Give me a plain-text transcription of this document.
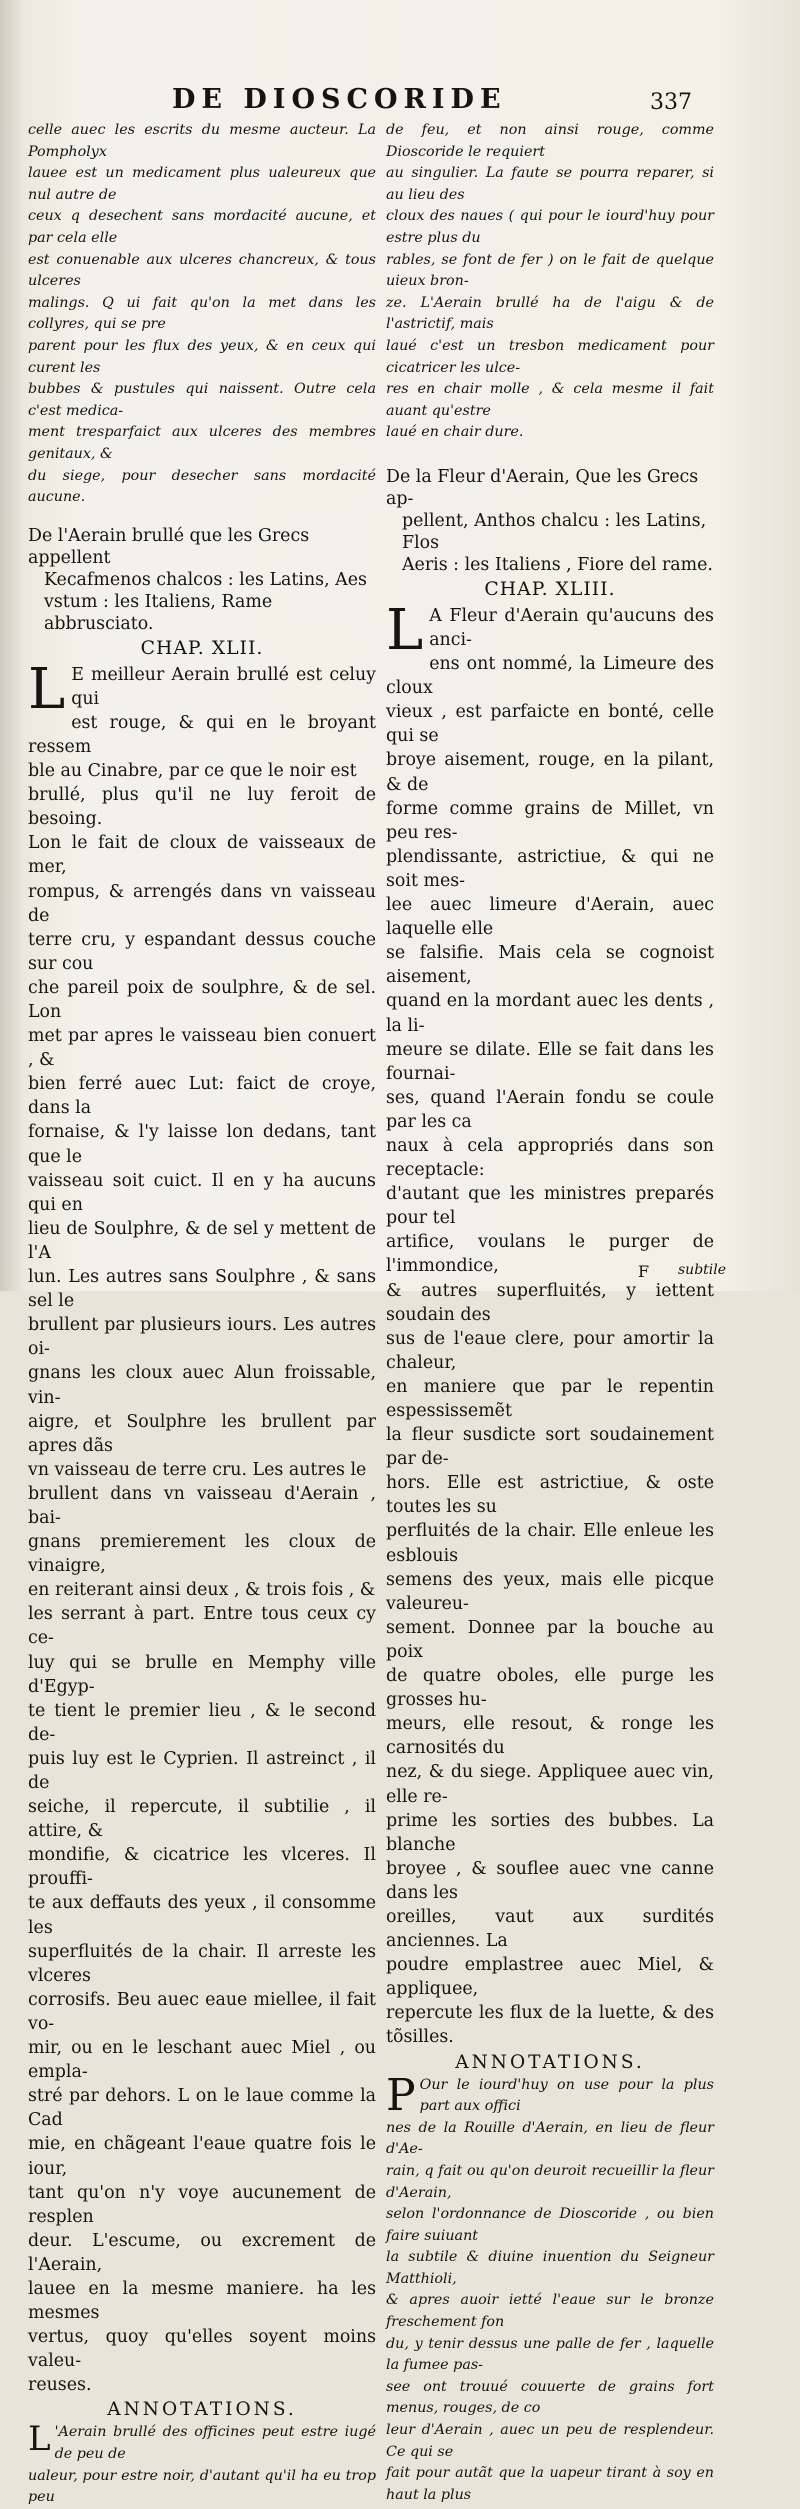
DE DIOSCORIDE	337

celle auec les escrits du mesme aucteur. La Pompholyx

lauee est un medicament plus ualeureux que nul autre de

ceux q desechent sans mordacité aucune, et par cela elle

est conuenable aux ulceres chancreux, & tous ulceres

malings. Q ui fait qu'on la met dans les collyres, qui se pre

parent pour les flux des yeux, & en ceux qui curent les

bubbes & pustules qui naissent. Outre cela c'est medica-

ment tresparfaict aux ulceres des membres genitaux, &

du siege, pour desecher sans mordacité aucune.

De l'Aerain brullé que les Grecs appellent

Kecafmenos chalcos : les Latins, Aes

vstum : les Italiens, Rame abbrusciato.

CHAP. XLII.

L E meilleur Aerain brullé est celuy qui

est rouge, & qui en le broyant ressem

ble au Cinabre, par ce que le noir est

brullé, plus qu'il ne luy feroit de besoing.

Lon le fait de cloux de vaisseaux de mer,

rompus, & arrengés dans vn vaisseau de

terre cru, y espandant dessus couche sur cou

che pareil poix de soulphre, & de sel. Lon

met par apres le vaisseau bien conuert , &

bien ferré auec Lut: faict de croye, dans la

fornaise, & l'y laisse lon dedans, tant que le

vaisseau soit cuict. Il en y ha aucuns qui en

lieu de Soulphre, & de sel y mettent de l'A

lun. Les autres sans Soulphre , & sans sel le

brullent par plusieurs iours. Les autres oi-

gnans les cloux auec Alun froissable, vin-

aigre, et Soulphre les brullent par apres dãs

vn vaisseau de terre cru. Les autres le

brullent dans vn vaisseau d'Aerain , bai-

gnans premierement les cloux de vinaigre,

en reiterant ainsi deux , & trois fois , &

les serrant à part. Entre tous ceux cy ce-

luy qui se brulle en Memphy ville d'Egyp-

te tient le premier lieu , & le second de-

puis luy est le Cyprien. Il astreinct , il de

seiche, il repercute, il subtilie , il attire, &

mondifie, & cicatrice les vlceres. Il prouffi-

te aux deffauts des yeux , il consomme les

superfluités de la chair. Il arreste les vlceres

corrosifs. Beu auec eaue miellee, il fait vo-

mir, ou en le leschant auec Miel , ou empla-

stré par dehors. L on le laue comme la Cad

mie, en chãgeant l'eaue quatre fois le iour,

tant qu'on n'y voye aucunement de resplen

deur. L'escume, ou excrement de l'Aerain,

lauee en la mesme maniere. ha les mesmes

vertus, quoy qu'elles soyent moins valeu-

reuses.

ANNOTATIONS.

L 'Aerain brullé des officines peut estre iugé de peu de

ualeur, pour estre noir, d'autant qu'il ha eu trop peu

de feu, et non ainsi rouge, comme Dioscoride le requiert

au singulier. La faute se pourra reparer, si au lieu des

cloux des naues ( qui pour le iourd'huy pour estre plus du

rables, se font de fer ) on le fait de quelque uieux bron-

ze. L'Aerain brullé ha de l'aigu & de l'astrictif, mais

laué c'est un tresbon medicament pour cicatricer les ulce-

res en chair molle , & cela mesme il fait auant qu'estre

laué en chair dure.

De la Fleur d'Aerain, Que les Grecs ap-

pellent, Anthos chalcu : les Latins, Flos

Aeris : les Italiens , Fiore del rame.

CHAP. XLIII.

L A Fleur d'Aerain qu'aucuns des anci-

ens ont nommé, la Limeure des cloux

vieux , est parfaicte en bonté, celle qui se

broye aisement, rouge, en la pilant, & de

forme comme grains de Millet, vn peu res-

plendissante, astrictiue, & qui ne soit mes-

lee auec limeure d'Aerain, auec laquelle elle

se falsifie. Mais cela se cognoist aisement,

quand en la mordant auec les dents , la li-

meure se dilate. Elle se fait dans les fournai-

ses, quand l'Aerain fondu se coule par les ca

naux à cela appropriés dans son receptacle:

d'autant que les ministres preparés pour tel

artifice, voulans le purger de l'immondice,

& autres superfluités, y iettent soudain des

sus de l'eaue clere, pour amortir la chaleur,

en maniere que par le repentin espessissemẽt

la fleur susdicte sort soudainement par de-

hors. Elle est astrictiue, & oste toutes les su

perfluités de la chair. Elle enleue les esblouis

semens des yeux, mais elle picque valeureu-

sement. Donnee par la bouche au poix

de quatre oboles, elle purge les grosses hu-

meurs, elle resout, & ronge les carnosités du

nez, & du siege. Appliquee auec vin, elle re-

prime les sorties des bubbes. La blanche

broyee , & souflee auec vne canne dans les

oreilles, vaut aux surdités anciennes. La

poudre emplastree auec Miel, & appliquee,

repercute les flux de la luette, & des tõsilles.

ANNOTATIONS.

P Our le iourd'huy on use pour la plus part aux offici

nes de la Rouille d'Aerain, en lieu de fleur d'Ae-

rain, q fait ou qu'on deuroit recueillir la fleur d'Aerain,

selon l'ordonnance de Dioscoride , ou bien faire suiuant

la subtile & diuine inuention du Seigneur Matthioli,

& apres auoir ietté l'eaue sur le bronze freschement fon

du, y tenir dessus une palle de fer , laquelle la fumee pas-

see ont trouué couuerte de grains fort menus, rouges, de co

leur d'Aerain , auec un peu de resplendeur. Ce qui se

fait pour autãt que la uapeur tirant à soy en haut la plus

F subtile
